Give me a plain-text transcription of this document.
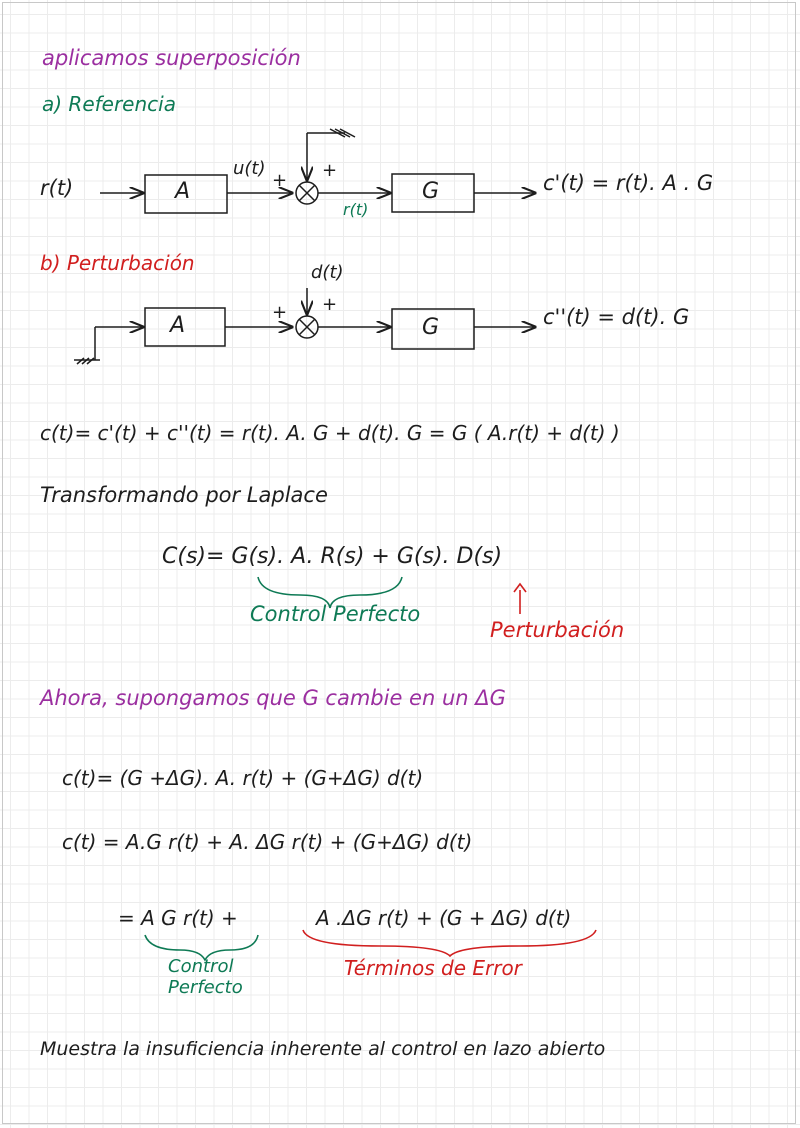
aplicamos superposición
a) Referencia
r(t)	A
u(t)
+ +
r(t)
G	c'(t) = r(t). A . G
b) Perturbación	d(t)
A
+ +
G	c''(t) = d(t). G
c(t)= c'(t) + c''(t) = r(t). A. G + d(t). G = G ( A.r(t) + d(t) )
Transformando por Laplace
C(s)= G(s). A. R(s) + G(s). D(s)
Control Perfecto
Perturbación
Ahora, supongamos que G cambie en un ΔG
c(t)= (G +ΔG). A. r(t) + (G+ΔG) d(t)
c(t) = A.G r(t) + A. ΔG r(t) + (G+ΔG) d(t)
= A G r(t) +	A .ΔG r(t) + (G + ΔG) d(t)
Control
Perfecto
Términos de Error
Muestra la insuficiencia inherente al control en lazo abierto
